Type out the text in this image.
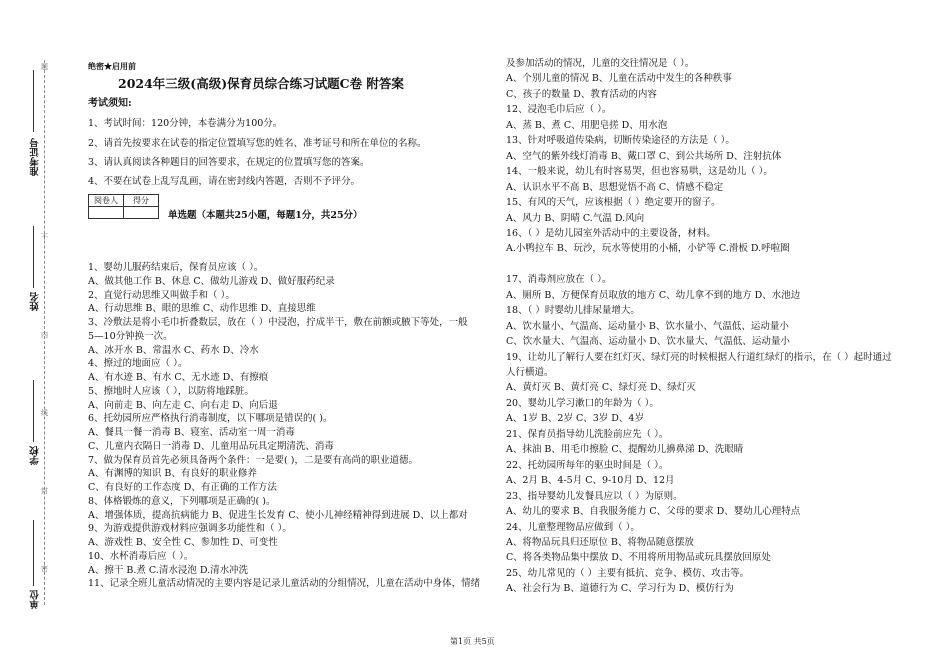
准考证号
姓名
学校
单位
题
不
内
线
封
密
绝密★启用前
2024年三级(高级)保育员综合练习试题C卷 附答案
考试须知:
1、考试时间：120分钟，本卷满分为100分。
2、请首先按要求在试卷的指定位置填写您的姓名、准考证号和所在单位的名称。
3、请认真阅读各种题目的回答要求，在规定的位置填写您的答案。
4、不要在试卷上乱写乱画，请在密封线内答题，否则不予评分。
阅卷人	得分

单选题（本题共25小题，每题1分，共25分）
1、婴幼儿服药结束后，保育员应该（ ）。
A、做其他工作 B、休息 C、做幼儿游戏 D、做好服药纪录
2、直觉行动思维又叫做手和（ ）。
A、行动思维 B、眼的思维 C、动作思维 D、直接思维
3、冷敷法是将小毛巾折叠数层，放在（ ）中浸泡，拧成半干，敷在前额或腋下等处，一般
5—10分钟换一次。
A、冰开水 B、常温水 C、药水 D、冷水
4、擦过的地面应（ ）。
A、有水迹 B、有水 C、无水迹 D、有擦痕
5、擦地时人应该（ ），以防将地踩脏。
A、向前走 B、向左走 C、向右走 D、向后退
6、托幼园所应严格执行消毒制度，以下哪项是错误的( )。
A、餐具一餐一消毒 B、寝室、活动室一周一消毒
C、儿童内衣隔日一消毒 D、儿童用品玩具定期清洗、消毒
7、做为保育员首先必须具备两个条件：一是要( )，二是要有高尚的职业道德。
A、有渊博的知识 B、有良好的职业修养
C、有良好的工作态度 D、有正确的工作方法
8、体格锻炼的意义，下列哪项是正确的( )。
A、增强体质，提高抗病能力 B、促进生长发育 C、使小儿神经精神得到进展 D、以上都对
9、为游戏提供游戏材料应强调多功能性和（ ）。
A、游戏性 B、安全性 C、参加性 D、可变性
10、水杯消毒后应（ ）。
A、擦干 B.煮 C.清水浸泡 D.清水冲洗
11、记录全班儿童活动情况的主要内容是记录儿童活动的分组情况，儿童在活动中身体，情绪
及参加活动的情况，儿童的交往情况是（ ）。
A、个别儿童的情况 B、儿童在活动中发生的各种秩事
C、孩子的数量 D、教育活动的内容
12、浸泡毛巾后应（ ）。
A、蒸 B、煮 C、用肥皂搓 D、用水泡
13、针对呼吸道传染病，切断传染途径的方法是（ ）。
A、空气的紫外线灯消毒 B、戴口罩 C、到公共场所 D、注射抗体
14、一般来说，幼儿有时容易哭，但也容易哄，这是幼儿（ ）。
A、认识水平不高 B、思想觉悟不高 C、情感不稳定
15、有风的天气，应该根据（ ）绝定要开的窗子。
A、风力 B、阴晴 C.气温 D.风向
16、（ ）是幼儿园室外活动中的主要设备，材料。
A.小鸭拉车 B、玩沙，玩水等使用的小桶，小铲等 C.滑板 D.呼啦圈
17、消毒剂应放在（ ）。
A、厕所 B、方便保育员取放的地方 C、幼儿拿不到的地方 D、水池边
18、（ ）时婴幼儿排尿量增大。
A、饮水量小、气温高、运动量小 B、饮水量小、气温低、运动量小
C、饮水量大、气温高、运动量小 D、饮水量大、气温低、运动量小
19、让幼儿了解行人要在红灯灭、绿灯亮的时候根据人行道红绿灯的指示，在（ ）起时通过
人行横道。
A、黄灯灭 B、黄灯亮 C、绿灯亮 D、绿灯灭
20、婴幼儿学习漱口的年龄为（ ）。
A、1岁 B、2岁 C、3岁 D、4岁
21、保育员指导幼儿洗脸前应先（ ）。
A、抹油 B、用毛巾擦脸 C、提醒幼儿擤鼻涕 D、洗眼睛
22、托幼园所每年的驱虫时间是（ ）。
A、2月 B、4-5月 C、9-10月 D、12月
23、指导婴幼儿发餐具应以（ ）为原则。
A、幼儿的要求 B、自我服务能力 C、父母的要求 D、婴幼儿心理特点
24、儿童整理物品应做到（ ）。
A、将物品玩具归还原位 B、将物品随意摆放
C、将各类物品集中摆放 D、不用将所用物品或玩具摆放回原处
25、幼儿常见的（ ）主要有抵抗、竞争、模仿、攻击等。
A、社会行为 B、道德行为 C、学习行为 D、模仿行为
第1页 共5页
